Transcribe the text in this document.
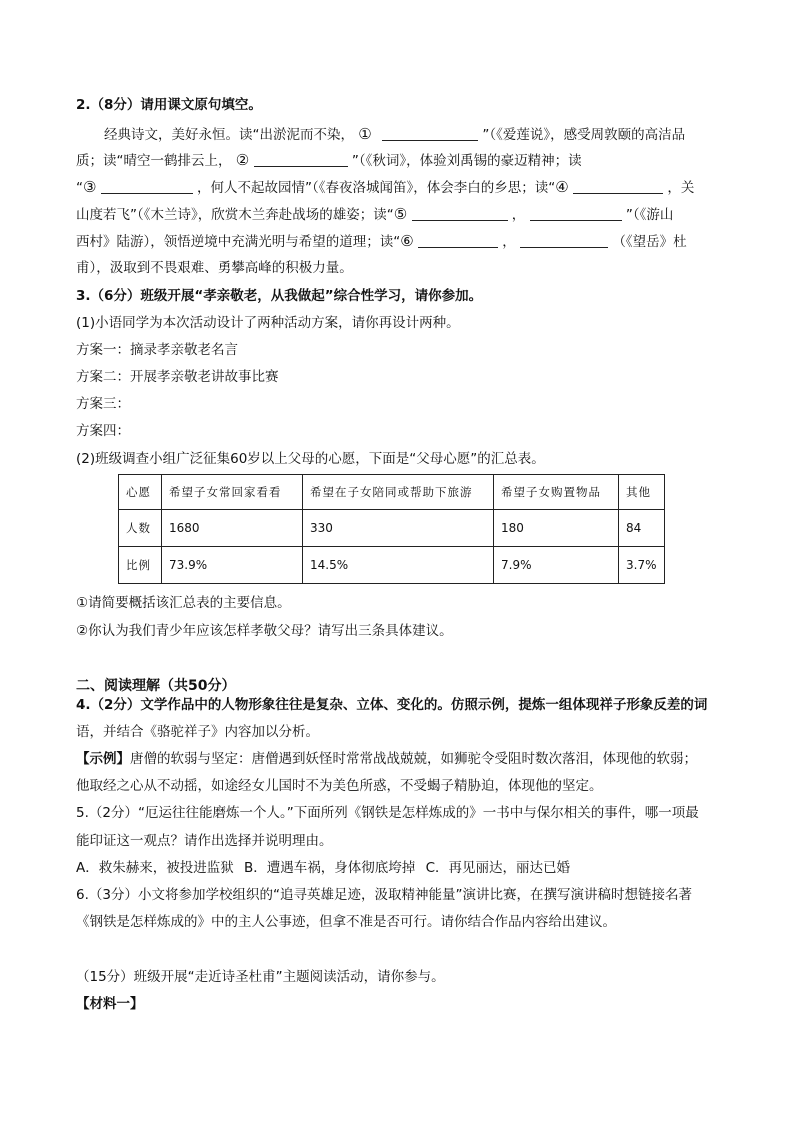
2.（8分）请用课文原句填空。
经典诗文，美好永恒。读“出淤泥而不染， ①	”（《爱莲说》，感受周敦颐的高洁品
质；读“晴空一鹤排云上， ②	”（《秋词》，体验刘禹锡的豪迈精神；读
“③	，何人不起故园情”（《春夜洛城闻笛》，体会李白的乡思；读“④	，关
山度若飞”（《木兰诗》，欣赏木兰奔赴战场的雄姿；读“⑤	，	”（《游山
西村》陆游），领悟逆境中充满光明与希望的道理；读“⑥	，	（《望岳》杜
甫），汲取到不畏艰难、勇攀高峰的积极力量。
3.（6分）班级开展“孝亲敬老，从我做起”综合性学习，请你参加。
(1)小语同学为本次活动设计了两种活动方案，请你再设计两种。
方案一：摘录孝亲敬老名言
方案二：开展孝亲敬老讲故事比赛
方案三：
方案四：
(2)班级调查小组广泛征集60岁以上父母的心愿，下面是“父母心愿”的汇总表。
心愿	希望子女常回家看看	希望在子女陪同或帮助下旅游	希望子女购置物品	其他
人数	1680	330	180	84
比例	73.9%	14.5%	7.9%	3.7%
①请简要概括该汇总表的主要信息。
②你认为我们青少年应该怎样孝敬父母？请写出三条具体建议。
二、阅读理解（共50分）
4.（2分）文学作品中的人物形象往往是复杂、立体、变化的。仿照示例，提炼一组体现祥子形象反差的词
语，并结合《骆驼祥子》内容加以分析。
【示例】唐僧的软弱与坚定：唐僧遇到妖怪时常常战战兢兢，如狮驼令受阻时数次落泪，体现他的软弱；
他取经之心从不动摇，如途经女儿国时不为美色所惑，不受蝎子精胁迫，体现他的坚定。
5.（2分）“厄运往往能磨炼一个人。”下面所列《钢铁是怎样炼成的》一书中与保尔相关的事件，哪一项最
能印证这一观点？请作出选择并说明理由。
A．救朱赫来，被投进监狱 B．遭遇车祸，身体彻底垮掉 C．再见丽达，丽达已婚
6.（3分）小文将参加学校组织的“追寻英雄足迹，汲取精神能量”演讲比赛，在撰写演讲稿时想链接名著
《钢铁是怎样炼成的》中的主人公事迹，但拿不准是否可行。请你结合作品内容给出建议。
（15分）班级开展“走近诗圣杜甫”主题阅读活动，请你参与。
【材料一】
